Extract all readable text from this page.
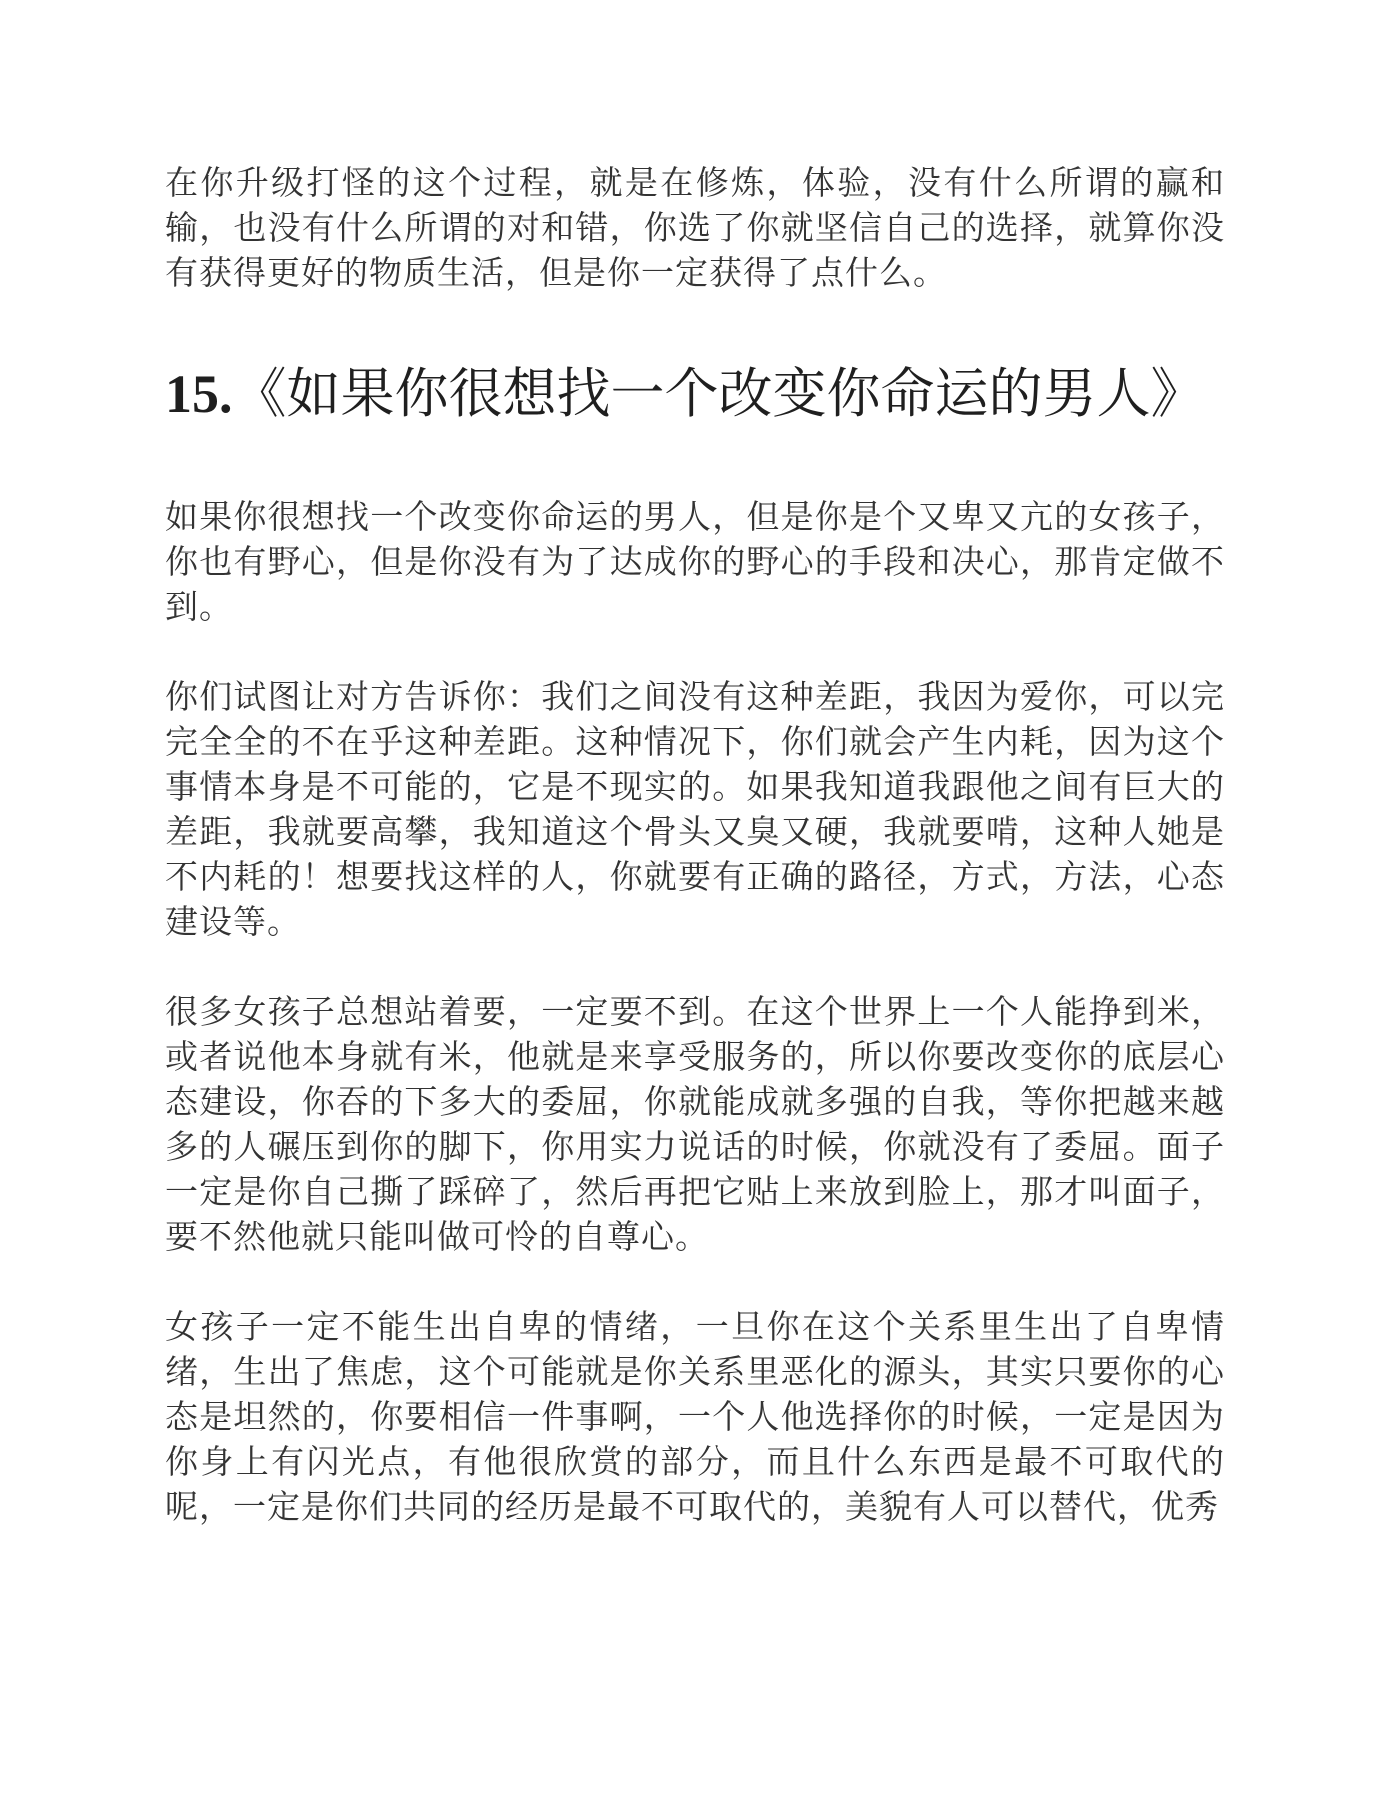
在你升级打怪的这个过程，就是在修炼，体验，没有什么所谓的赢和输，也没有什么所谓的对和错，你选了你就坚信自己的选择，就算你没有获得更好的物质生活，但是你一定获得了点什么。

15.《如果你很想找一个改变你命运的男人》

如果你很想找一个改变你命运的男人，但是你是个又卑又亢的女孩子，你也有野心，但是你没有为了达成你的野心的手段和决心，那肯定做不到。

你们试图让对方告诉你：我们之间没有这种差距，我因为爱你，可以完完全全的不在乎这种差距。这种情况下，你们就会产生内耗，因为这个事情本身是不可能的，它是不现实的。如果我知道我跟他之间有巨大的差距，我就要高攀，我知道这个骨头又臭又硬，我就要啃，这种人她是不内耗的！想要找这样的人，你就要有正确的路径，方式，方法，心态建设等。

很多女孩子总想站着要，一定要不到。在这个世界上一个人能挣到米，或者说他本身就有米，他就是来享受服务的，所以你要改变你的底层心态建设，你吞的下多大的委屈，你就能成就多强的自我，等你把越来越多的人碾压到你的脚下，你用实力说话的时候，你就没有了委屈。面子一定是你自己撕了踩碎了，然后再把它贴上来放到脸上，那才叫面子，要不然他就只能叫做可怜的自尊心。

女孩子一定不能生出自卑的情绪，一旦你在这个关系里生出了自卑情绪，生出了焦虑，这个可能就是你关系里恶化的源头，其实只要你的心态是坦然的，你要相信一件事啊，一个人他选择你的时候，一定是因为你身上有闪光点，有他很欣赏的部分，而且什么东西是最不可取代的呢，一定是你们共同的经历是最不可取代的，美貌有人可以替代，优秀
